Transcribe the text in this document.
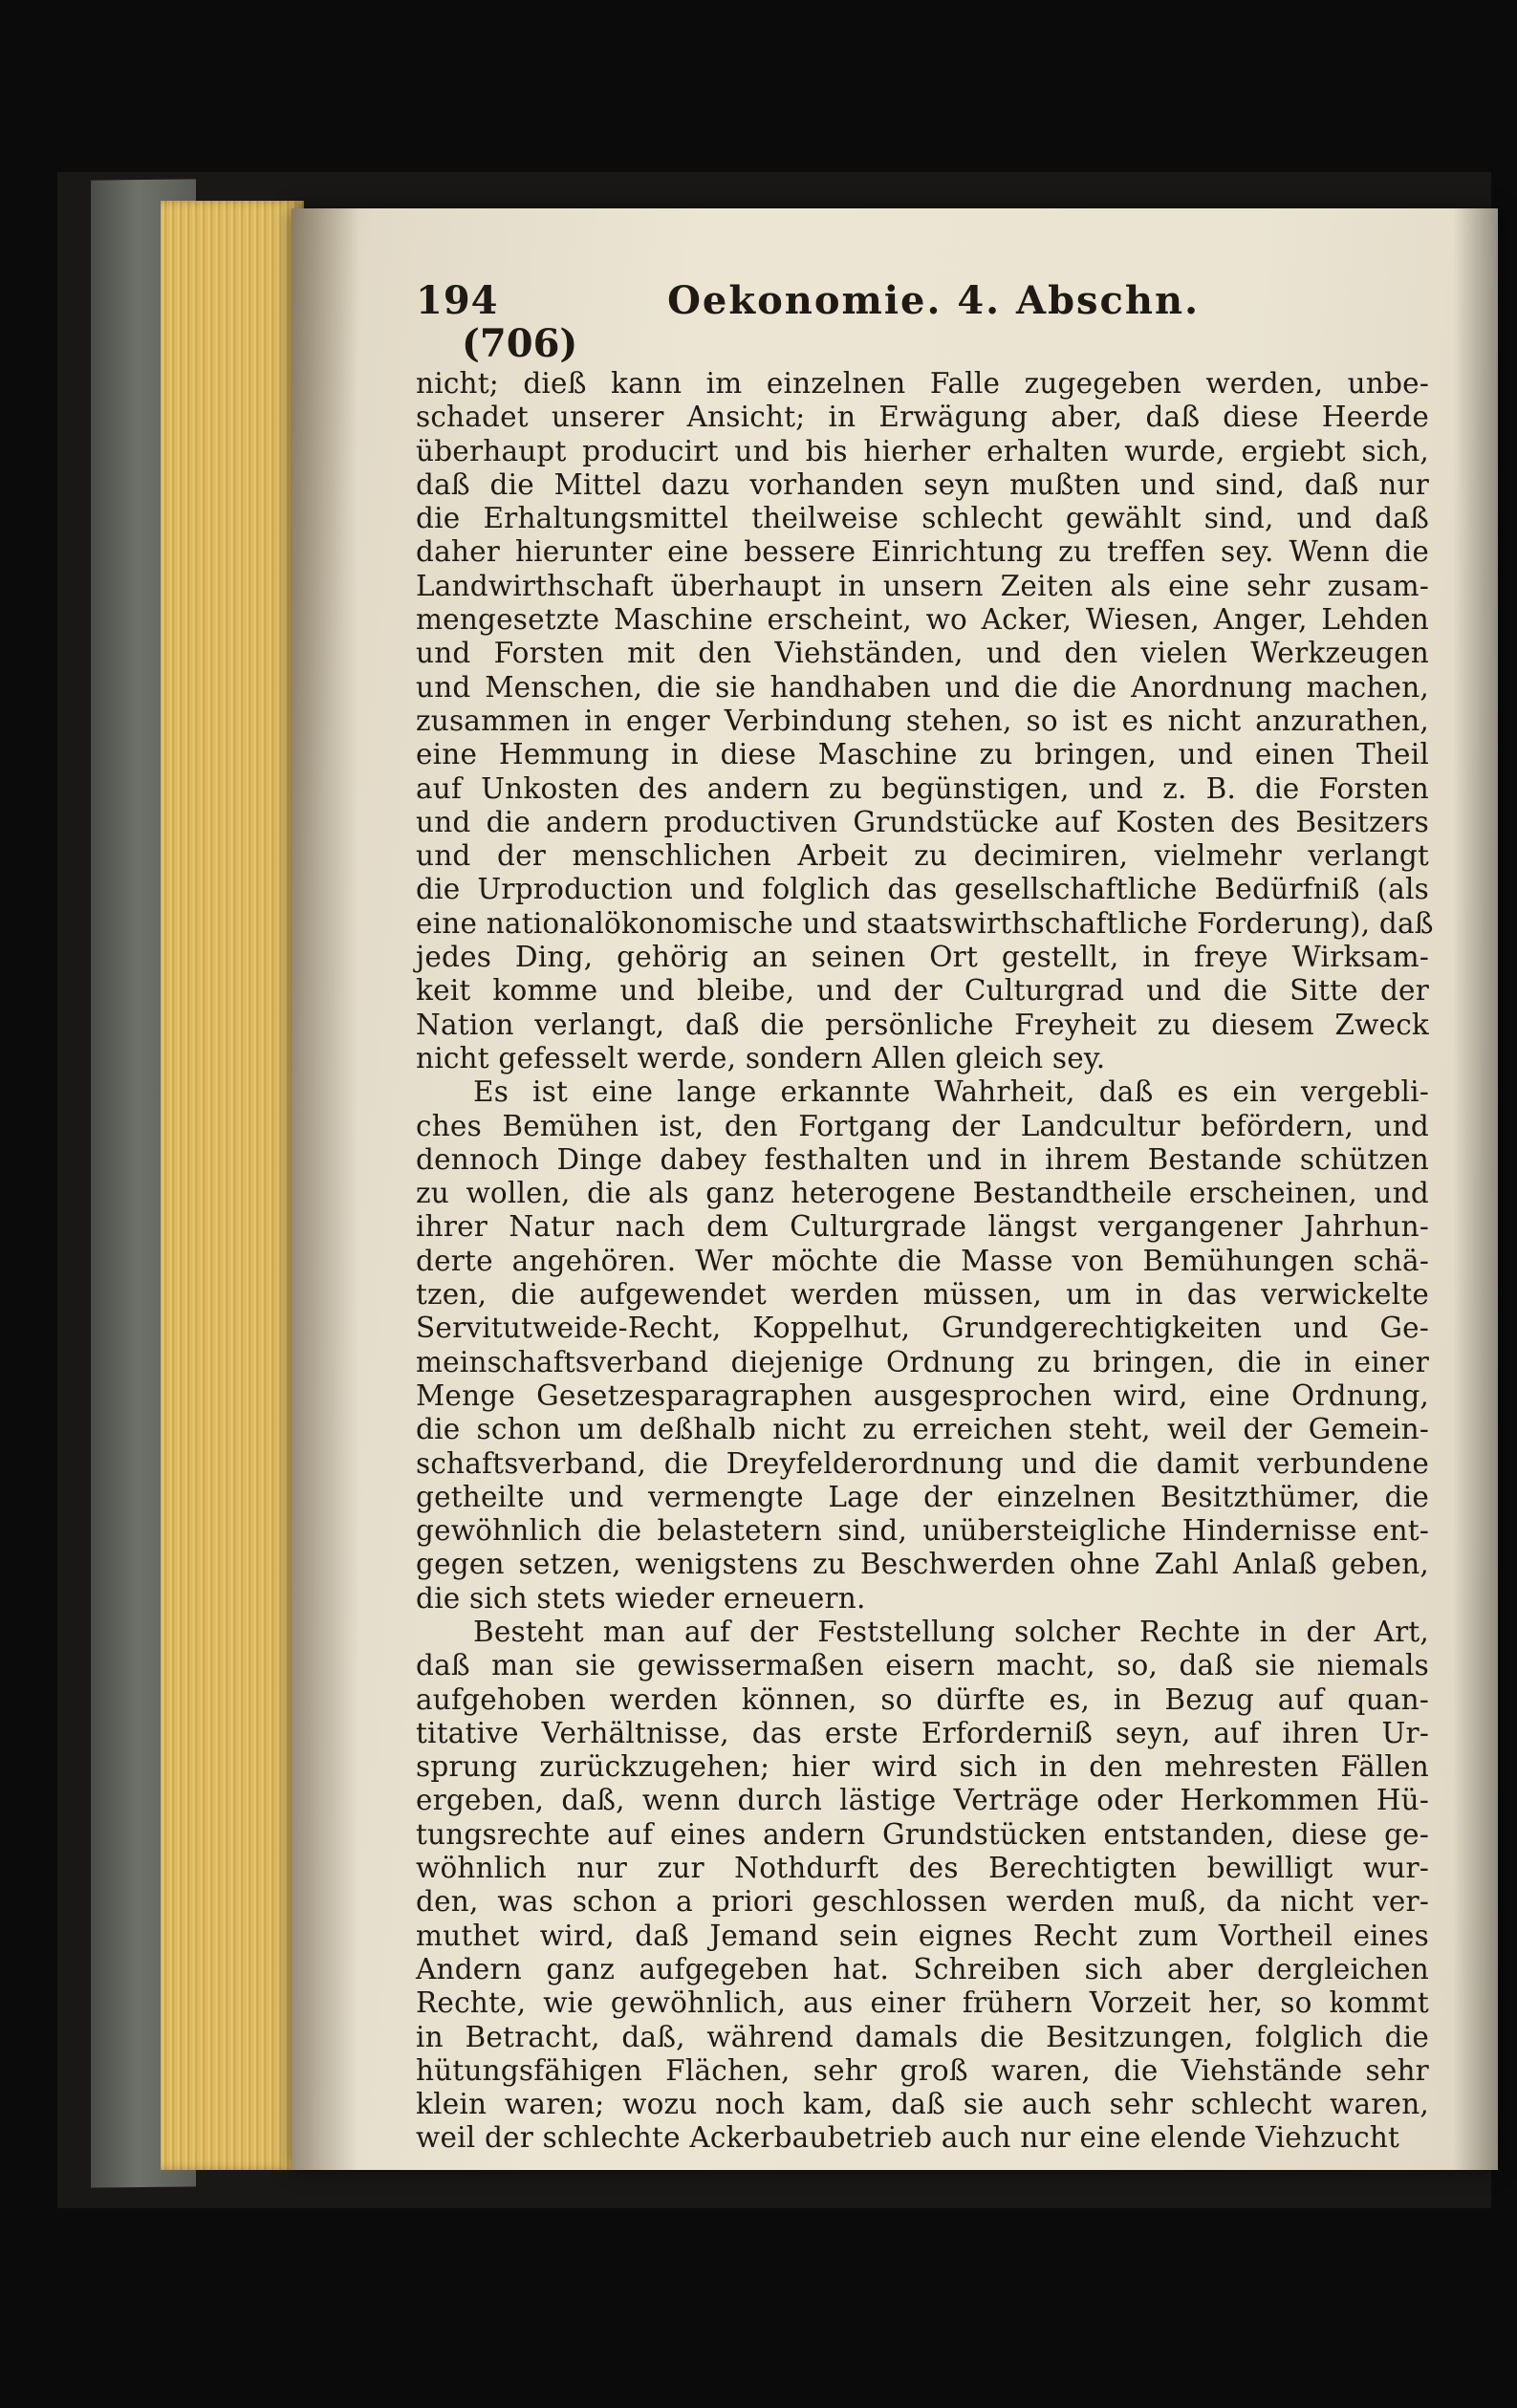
194	Oekonomie. 4. Abschn.
(706)
nicht; dieß kann im einzelnen Falle zugegeben werden, unbe-
schadet unserer Ansicht; in Erwägung aber, daß diese Heerde
überhaupt producirt und bis hierher erhalten wurde, ergiebt sich,
daß die Mittel dazu vorhanden seyn mußten und sind, daß nur
die Erhaltungsmittel theilweise schlecht gewählt sind, und daß
daher hierunter eine bessere Einrichtung zu treffen sey. Wenn die
Landwirthschaft überhaupt in unsern Zeiten als eine sehr zusam-
mengesetzte Maschine erscheint, wo Acker, Wiesen, Anger, Lehden
und Forsten mit den Viehständen, und den vielen Werkzeugen
und Menschen, die sie handhaben und die die Anordnung machen,
zusammen in enger Verbindung stehen, so ist es nicht anzurathen,
eine Hemmung in diese Maschine zu bringen, und einen Theil
auf Unkosten des andern zu begünstigen, und z. B. die Forsten
und die andern productiven Grundstücke auf Kosten des Besitzers
und der menschlichen Arbeit zu decimiren, vielmehr verlangt
die Urproduction und folglich das gesellschaftliche Bedürfniß (als
eine nationalökonomische und staatswirthschaftliche Forderung), daß
jedes Ding, gehörig an seinen Ort gestellt, in freye Wirksam-
keit komme und bleibe, und der Culturgrad und die Sitte der
Nation verlangt, daß die persönliche Freyheit zu diesem Zweck
nicht gefesselt werde, sondern Allen gleich sey.
Es ist eine lange erkannte Wahrheit, daß es ein vergebli-
ches Bemühen ist, den Fortgang der Landcultur befördern, und
dennoch Dinge dabey festhalten und in ihrem Bestande schützen
zu wollen, die als ganz heterogene Bestandtheile erscheinen, und
ihrer Natur nach dem Culturgrade längst vergangener Jahrhun-
derte angehören. Wer möchte die Masse von Bemühungen schä-
tzen, die aufgewendet werden müssen, um in das verwickelte
Servitutweide-Recht, Koppelhut, Grundgerechtigkeiten und Ge-
meinschaftsverband diejenige Ordnung zu bringen, die in einer
Menge Gesetzesparagraphen ausgesprochen wird, eine Ordnung,
die schon um deßhalb nicht zu erreichen steht, weil der Gemein-
schaftsverband, die Dreyfelderordnung und die damit verbundene
getheilte und vermengte Lage der einzelnen Besitzthümer, die
gewöhnlich die belastetern sind, unübersteigliche Hindernisse ent-
gegen setzen, wenigstens zu Beschwerden ohne Zahl Anlaß geben,
die sich stets wieder erneuern.
Besteht man auf der Feststellung solcher Rechte in der Art,
daß man sie gewissermaßen eisern macht, so, daß sie niemals
aufgehoben werden können, so dürfte es, in Bezug auf quan-
titative Verhältnisse, das erste Erforderniß seyn, auf ihren Ur-
sprung zurückzugehen; hier wird sich in den mehresten Fällen
ergeben, daß, wenn durch lästige Verträge oder Herkommen Hü-
tungsrechte auf eines andern Grundstücken entstanden, diese ge-
wöhnlich nur zur Nothdurft des Berechtigten bewilligt wur-
den, was schon a priori geschlossen werden muß, da nicht ver-
muthet wird, daß Jemand sein eignes Recht zum Vortheil eines
Andern ganz aufgegeben hat. Schreiben sich aber dergleichen
Rechte, wie gewöhnlich, aus einer frühern Vorzeit her, so kommt
in Betracht, daß, während damals die Besitzungen, folglich die
hütungsfähigen Flächen, sehr groß waren, die Viehstände sehr
klein waren; wozu noch kam, daß sie auch sehr schlecht waren,
weil der schlechte Ackerbaubetrieb auch nur eine elende Viehzucht
